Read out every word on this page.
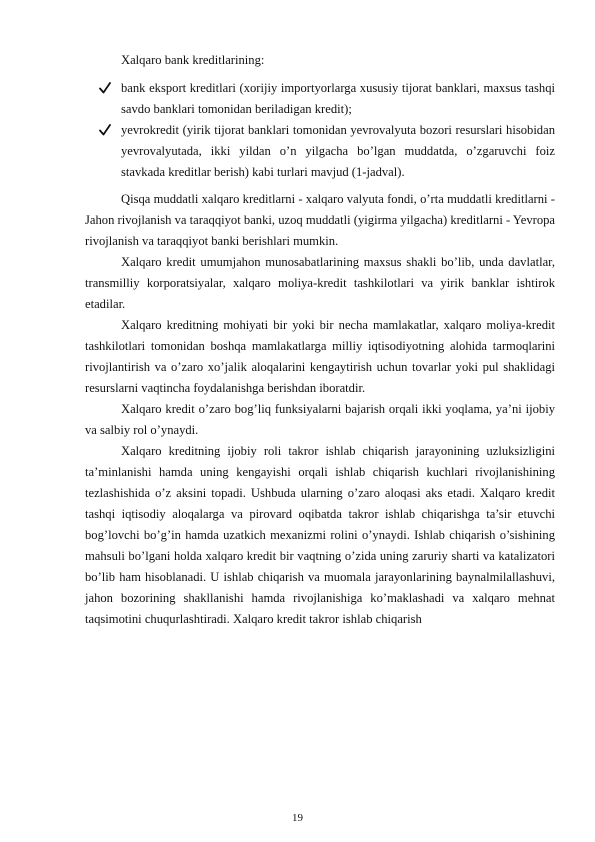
Xalqaro bank kreditlarining:

bank eksport kreditlari (xorijiy importyorlarga xususiy tijorat banklari, maxsus tashqi savdo banklari tomonidan beriladigan kredit);
yevrokredit (yirik tijorat banklari tomonidan yevrovalyuta bozori resurslari hisobidan yevrovalyutada, ikki yildan o’n yilgacha bo’lgan muddatda, o’zgaruvchi foiz stavkada kreditlar berish) kabi turlari mavjud (1-jadval).

Qisqa muddatli xalqaro kreditlarni - xalqaro valyuta fondi, o’rta muddatli kreditlarni - Jahon rivojlanish va taraqqiyot banki, uzoq muddatli (yigirma yilgacha) kreditlarni - Yevropa rivojlanish va taraqqiyot banki berishlari mumkin.

Xalqaro kredit umumjahon munosabatlarining maxsus shakli bo’lib, unda davlatlar, transmilliy korporatsiyalar, xalqaro moliya-kredit tashkilotlari va yirik banklar ishtirok etadilar.

Xalqaro kreditning mohiyati bir yoki bir necha mamlakatlar, xalqaro moliya-kredit tashkilotlari tomonidan boshqa mamlakatlarga milliy iqtisodiyotning alohida tarmoqlarini rivojlantirish va o’zaro xo’jalik aloqalarini kengaytirish uchun tovarlar yoki pul shaklidagi resurslarni vaqtincha foydalanishga berishdan iboratdir.

Xalqaro kredit o’zaro bog’liq funksiyalarni bajarish orqali ikki yoqlama, ya’ni ijobiy va salbiy rol o’ynaydi.

Xalqaro kreditning ijobiy roli takror ishlab chiqarish jarayonining uzluksizligini ta’minlanishi hamda uning kengayishi orqali ishlab chiqarish kuchlari rivojlanishining tezlashishida o’z aksini topadi. Ushbuda ularning o’zaro aloqasi aks etadi. Xalqaro kredit tashqi iqtisodiy aloqalarga va pirovard oqibatda takror ishlab chiqarishga ta’sir etuvchi bog’lovchi bo’g’in hamda uzatkich mexanizmi rolini o’ynaydi. Ishlab chiqarish o’sishining mahsuli bo’lgani holda xalqaro kredit bir vaqtning o’zida uning zaruriy sharti va katalizatori bo’lib ham hisoblanadi. U ishlab chiqarish va muomala jarayonlarining baynalmilallashuvi, jahon bozorining shakllanishi hamda rivojlanishiga ko’maklashadi va xalqaro mehnat taqsimotini chuqurlashtiradi. Xalqaro kredit takror ishlab chiqarish

19
